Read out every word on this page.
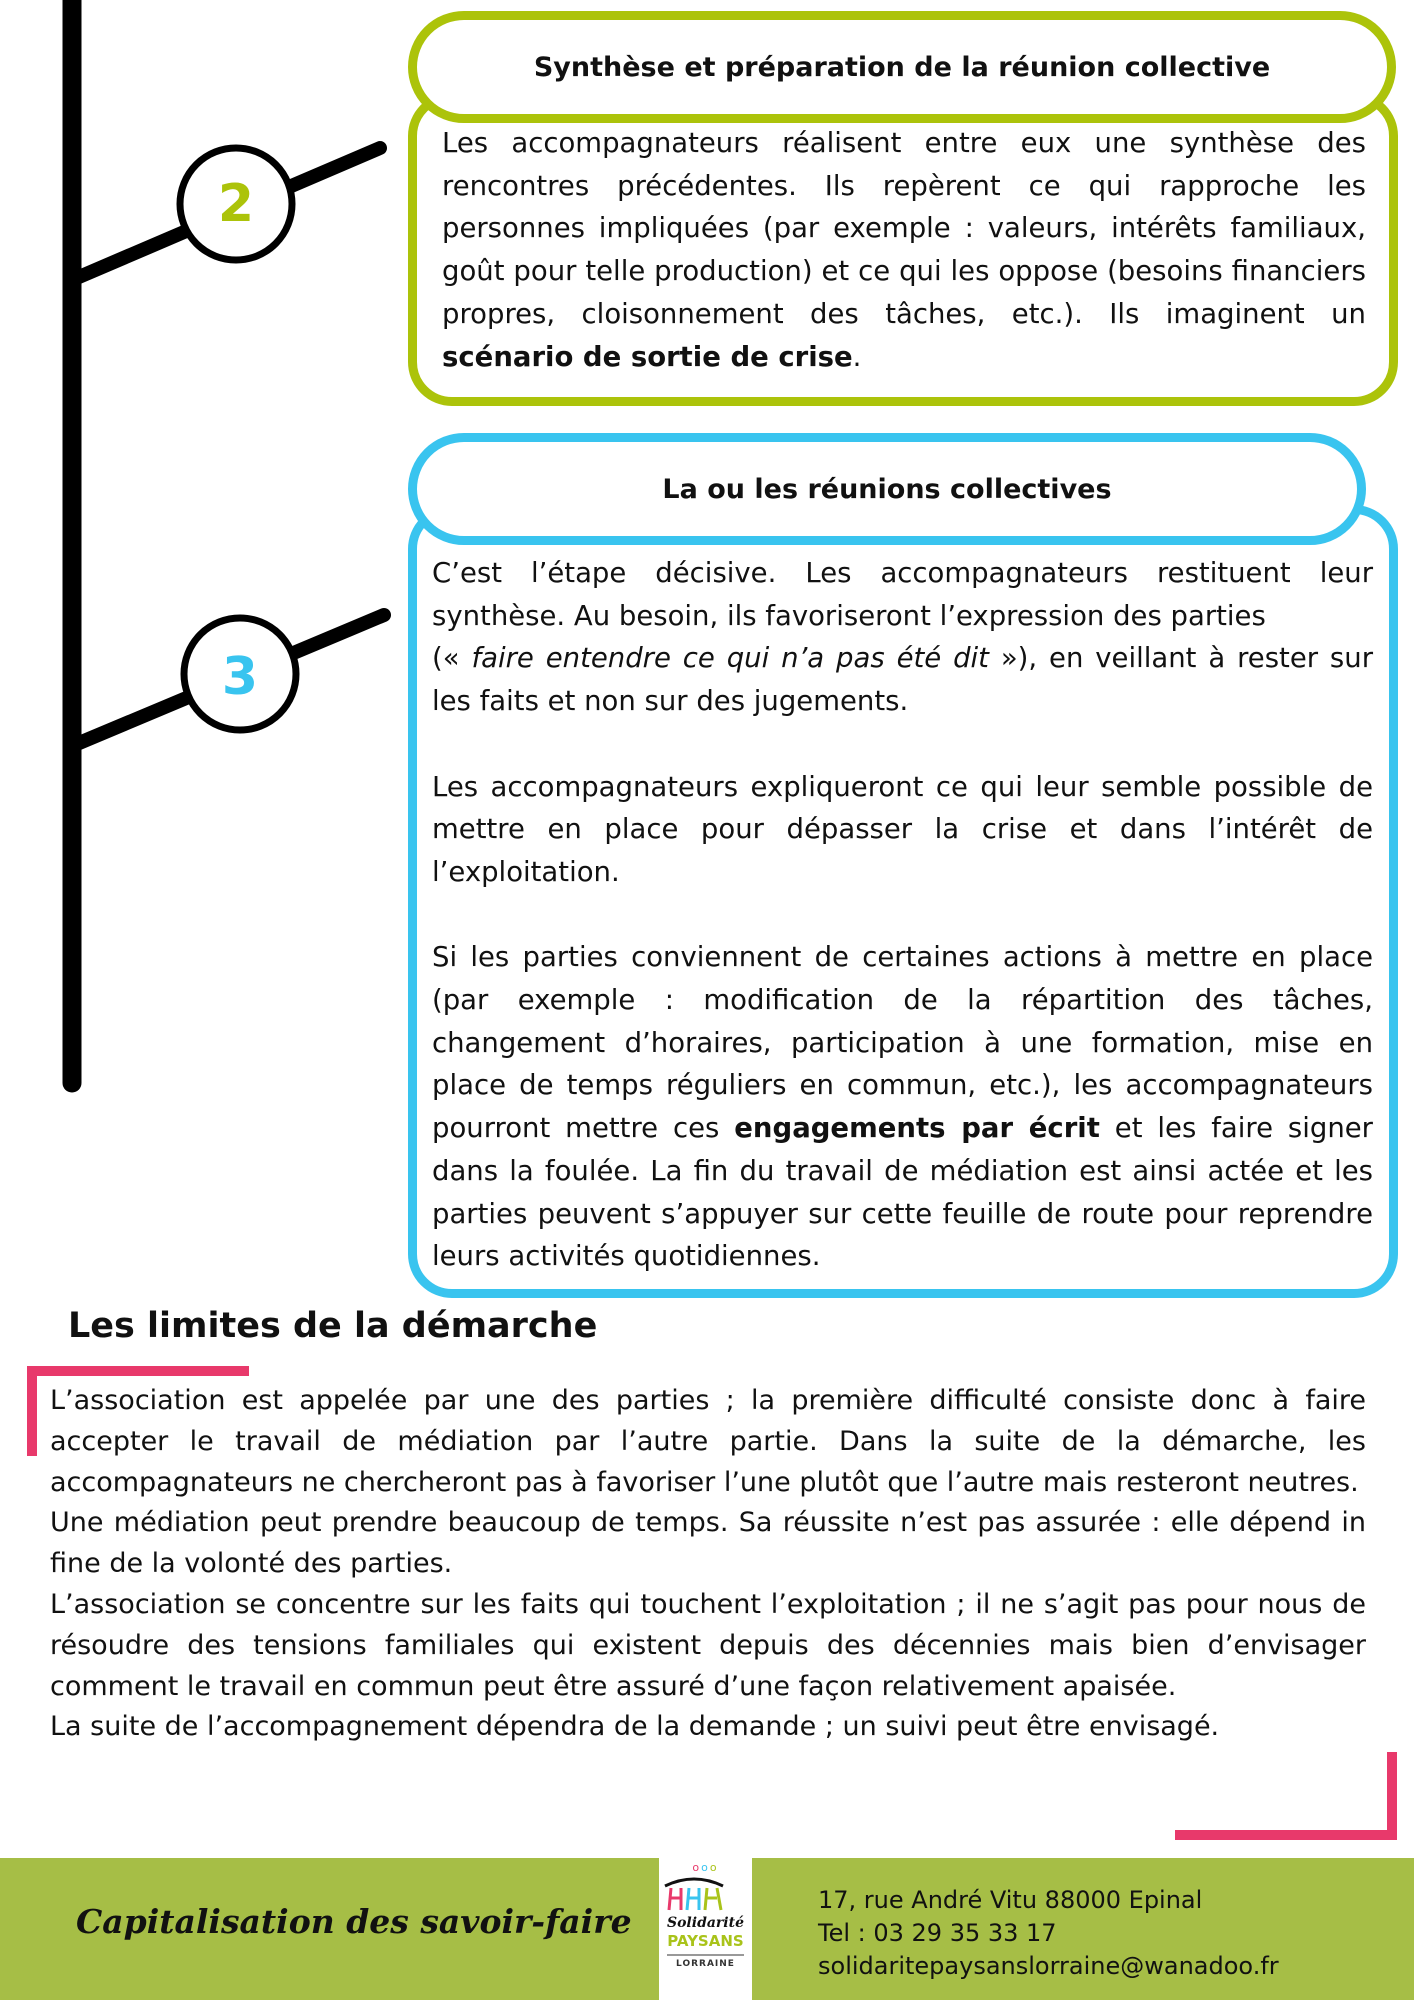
2
3
Synthèse et préparation de la réunion collective

Les accompagnateurs réalisent entre eux une synthèse des rencontres précédentes. Ils repèrent ce qui rapproche les personnes impliquées (par exemple : valeurs, intérêts familiaux, goût pour telle production) et ce qui les oppose (besoins financiers propres, cloisonnement des tâches, etc.). Ils imaginent un scénario de sortie de crise.

La ou les réunions collectives

C’est l’étape décisive. Les accompagnateurs restituent leur synthèse. Au besoin, ils favoriseront l’expression des parties
(« faire entendre ce qui n’a pas été dit »), en veillant à rester sur les faits et non sur des jugements.

Les accompagnateurs expliqueront ce qui leur semble possible de mettre en place pour dépasser la crise et dans l’intérêt de l’exploitation.

Si les parties conviennent de certaines actions à mettre en place (par exemple : modification de la répartition des tâches, changement d’horaires, participation à une formation, mise en place de temps réguliers en commun, etc.), les accompagnateurs pourront mettre ces engagements par écrit et les faire signer dans la foulée. La fin du travail de médiation est ainsi actée et les parties peuvent s’appuyer sur cette feuille de route pour reprendre leurs activités quotidiennes.

Les limites de la démarche

L’association est appelée par une des parties ; la première difficulté consiste donc à faire accepter le travail de médiation par l’autre partie. Dans la suite de la démarche, les accompagnateurs ne chercheront pas à favoriser l’une plutôt que l’autre mais resteront neutres.

Une médiation peut prendre beaucoup de temps. Sa réussite n’est pas assurée : elle dépend in fine de la volonté des parties.

L’association se concentre sur les faits qui touchent l’exploitation ; il ne s’agit pas pour nous de résoudre des tensions familiales qui existent depuis des décennies mais bien d’envisager comment le travail en commun peut être assuré d’une façon relativement apaisée.

La suite de l’accompagnement dépendra de la demande ; un suivi peut être envisagé.

Capitalisation des savoir-faire
ooo
Solidarité
PAYSANS
LORRAINE
17, rue André Vitu 88000 Epinal
Tel : 03 29 35 33 17
solidaritepaysanslorraine@wanadoo.fr
